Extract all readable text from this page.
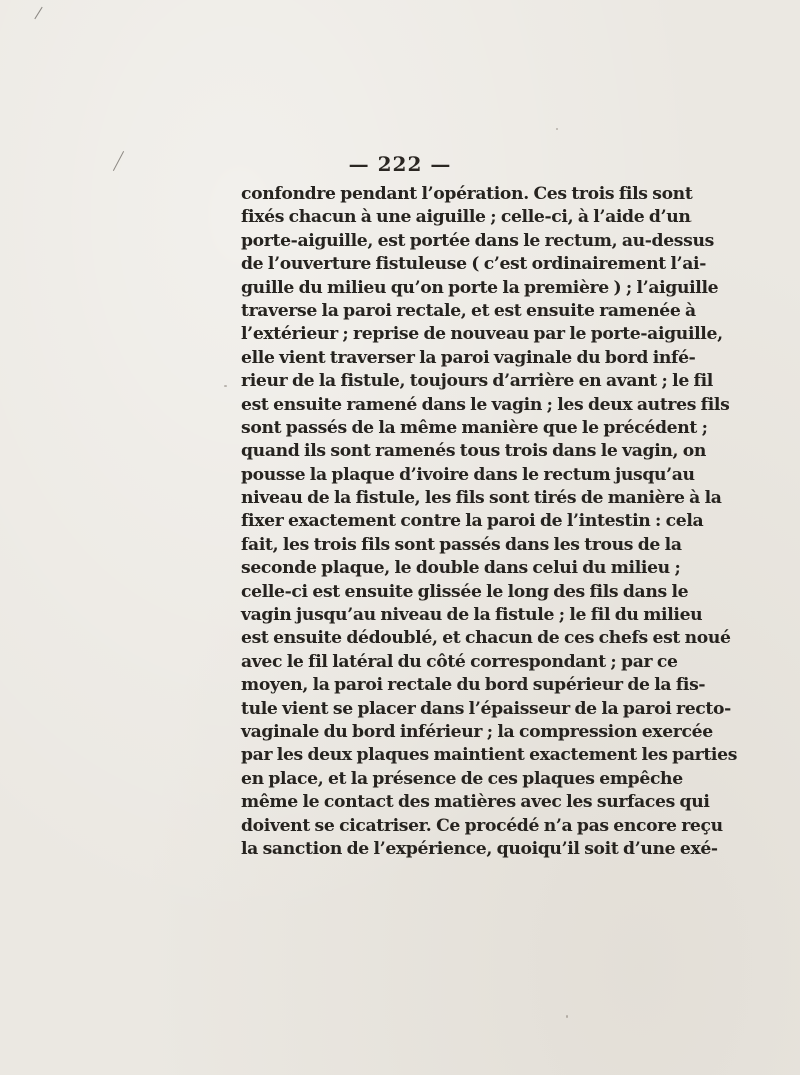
— 222 —
confondre pendant l’opération. Ces trois fils sont
fixés chacun à une aiguille ; celle-ci, à l’aide d’un
porte-aiguille, est portée dans le rectum, au-dessus
de l’ouverture fistuleuse ( c’est ordinairement l’ai-
guille du milieu qu’on porte la première ) ; l’aiguille
traverse la paroi rectale, et est ensuite ramenée à
l’extérieur ; reprise de nouveau par le porte-aiguille,
elle vient traverser la paroi vaginale du bord infé-
rieur de la fistule, toujours d’arrière en avant ; le fil
est ensuite ramené dans le vagin ; les deux autres fils
sont passés de la même manière que le précédent ;
quand ils sont ramenés tous trois dans le vagin, on
pousse la plaque d’ivoire dans le rectum jusqu’au
niveau de la fistule, les fils sont tirés de manière à la
fixer exactement contre la paroi de l’intestin : cela
fait, les trois fils sont passés dans les trous de la
seconde plaque, le double dans celui du milieu ;
celle-ci est ensuite glissée le long des fils dans le
vagin jusqu’au niveau de la fistule ; le fil du milieu
est ensuite dédoublé, et chacun de ces chefs est noué
avec le fil latéral du côté correspondant ; par ce
moyen, la paroi rectale du bord supérieur de la fis-
tule vient se placer dans l’épaisseur de la paroi recto-
vaginale du bord inférieur ; la compression exercée
par les deux plaques maintient exactement les parties
en place, et la présence de ces plaques empêche
même le contact des matières avec les surfaces qui
doivent se cicatriser. Ce procédé n’a pas encore reçu
la sanction de l’expérience, quoiqu’il soit d’une exé-
